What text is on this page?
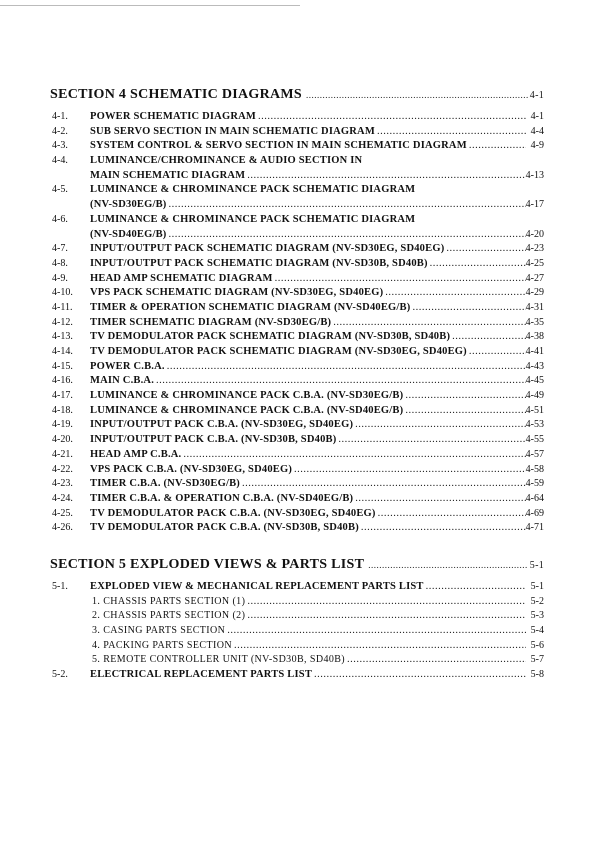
SECTION 4 SCHEMATIC DIAGRAMS .....	4-1
4-1.	POWER SCHEMATIC DIAGRAM .....	4-1
4-2.	SUB SERVO SECTION IN MAIN SCHEMATIC DIAGRAM .....	4-4
4-3.	SYSTEM CONTROL & SERVO SECTION IN MAIN SCHEMATIC DIAGRAM .....	4-9
4-4.	LUMINANCE/CHROMINANCE & AUDIO SECTION IN
MAIN SCHEMATIC DIAGRAM .....	4-13
4-5.	LUMINANCE & CHROMINANCE PACK SCHEMATIC DIAGRAM
(NV-SD30EG/B) .....	4-17
4-6.	LUMINANCE & CHROMINANCE PACK SCHEMATIC DIAGRAM
(NV-SD40EG/B) .....	4-20
4-7.	INPUT/OUTPUT PACK SCHEMATIC DIAGRAM (NV-SD30EG, SD40EG) .....	4-23
4-8.	INPUT/OUTPUT PACK SCHEMATIC DIAGRAM (NV-SD30B, SD40B) .....	4-25
4-9.	HEAD AMP SCHEMATIC DIAGRAM .....	4-27
4-10.	VPS PACK SCHEMATIC DIAGRAM (NV-SD30EG, SD40EG) .....	4-29
4-11.	TIMER & OPERATION SCHEMATIC DIAGRAM (NV-SD40EG/B) .....	4-31
4-12.	TIMER SCHEMATIC DIAGRAM (NV-SD30EG/B) .....	4-35
4-13.	TV DEMODULATOR PACK SCHEMATIC DIAGRAM (NV-SD30B, SD40B) .....	4-38
4-14.	TV DEMODULATOR PACK SCHEMATIC DIAGRAM (NV-SD30EG, SD40EG) .....	4-41
4-15.	POWER C.B.A. .....	4-43
4-16.	MAIN C.B.A. .....	4-45
4-17.	LUMINANCE & CHROMINANCE PACK C.B.A. (NV-SD30EG/B) .....	4-49
4-18.	LUMINANCE & CHROMINANCE PACK C.B.A. (NV-SD40EG/B) .....	4-51
4-19.	INPUT/OUTPUT PACK C.B.A. (NV-SD30EG, SD40EG) .....	4-53
4-20.	INPUT/OUTPUT PACK C.B.A. (NV-SD30B, SD40B) .....	4-55
4-21.	HEAD AMP C.B.A. .....	4-57
4-22.	VPS PACK C.B.A. (NV-SD30EG, SD40EG) .....	4-58
4-23.	TIMER C.B.A. (NV-SD30EG/B) .....	4-59
4-24.	TIMER C.B.A. & OPERATION C.B.A. (NV-SD40EG/B) .....	4-64
4-25.	TV DEMODULATOR PACK C.B.A. (NV-SD30EG, SD40EG) .....	4-69
4-26.	TV DEMODULATOR PACK C.B.A. (NV-SD30B, SD40B) .....	4-71
SECTION 5 EXPLODED VIEWS & PARTS LIST .....	5-1
5-1.	EXPLODED VIEW & MECHANICAL REPLACEMENT PARTS LIST .....	5-1
1. CHASSIS PARTS SECTION (1) .....	5-2
2. CHASSIS PARTS SECTION (2) .....	5-3
3. CASING PARTS SECTION .....	5-4
4. PACKING PARTS SECTION .....	5-6
5. REMOTE CONTROLLER UNIT (NV-SD30B, SD40B) .....	5-7
5-2.	ELECTRICAL REPLACEMENT PARTS LIST .....	5-8
